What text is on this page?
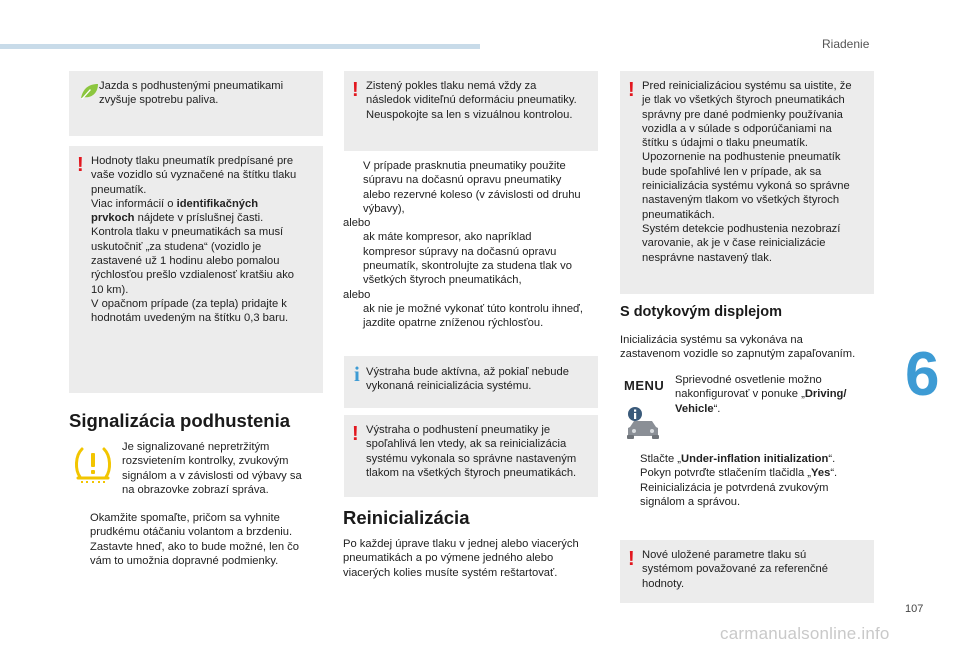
Riadenie
6
107
carmanualsonline.info
Jazda s podhustenými pneumatikami
zvyšuje spotrebu paliva.
! Hodnoty tlaku pneumatík predpísané pre
vaše vozidlo sú vyznačené na štítku tlaku
pneumatík.
Viac informácií o identifikačných
prvkoch nájdete v príslušnej časti.
Kontrola tlaku v pneumatikách sa musí
uskutočniť „za studena“ (vozidlo je
zastavené už 1 hodinu alebo pomalou
rýchlosťou prešlo vzdialenosť kratšiu ako
10 km).
V opačnom prípade (za tepla) pridajte k
hodnotám uvedeným na štítku 0,3 baru.
Signalizácia podhustenia
Je signalizované nepretržitým
rozsvietením kontrolky, zvukovým
signálom a v závislosti od výbavy sa
na obrazovke zobrazí správa.
Okamžite spomaľte, pričom sa vyhnite
prudkému otáčaniu volantom a brzdeniu.
Zastavte hneď, ako to bude možné, len čo
vám to umožnia dopravné podmienky.
! Zistený pokles tlaku nemá vždy za
následok viditeľnú deformáciu pneumatiky.
Neuspokojte sa len s vizuálnou kontrolou.
V prípade prasknutia pneumatiky použite
súpravu na dočasnú opravu pneumatiky
alebo rezervné koleso (v závislosti od druhu
výbavy),
alebo
ak máte kompresor, ako napríklad
kompresor súpravy na dočasnú opravu
pneumatík, skontrolujte za studena tlak vo
všetkých štyroch pneumatikách,
alebo
ak nie je možné vykonať túto kontrolu ihneď,
jazdite opatrne zníženou rýchlosťou.
i Výstraha bude aktívna, až pokiaľ nebude
vykonaná reinicializácia systému.
! Výstraha o podhustení pneumatiky je
spoľahlivá len vtedy, ak sa reinicializácia
systému vykonala so správne nastaveným
tlakom na všetkých štyroch pneumatikách.
Reinicializácia
Po každej úprave tlaku v jednej alebo viacerých
pneumatikách a po výmene jedného alebo
viacerých kolies musíte systém reštartovať.
! Pred reinicializáciou systému sa uistite, že
je tlak vo všetkých štyroch pneumatikách
správny pre dané podmienky používania
vozidla a v súlade s odporúčaniami na
štítku s údajmi o tlaku pneumatík.
Upozornenie na podhustenie pneumatík
bude spoľahlivé len v prípade, ak sa
reinicializácia systému vykoná so správne
nastaveným tlakom vo všetkých štyroch
pneumatikách.
Systém detekcie podhustenia nezobrazí
varovanie, ak je v čase reinicializácie
nesprávne nastavený tlak.
S dotykovým displejom
Inicializácia systému sa vykonáva na
zastavenom vozidle so zapnutým zapaľovaním.
MENU Sprievodné osvetlenie možno
nakonfigurovať v ponuke „Driving/
Vehicle“.
Stlačte „Under-inflation initialization“.
Pokyn potvrďte stlačením tlačidla „Yes“.
Reinicializácia je potvrdená zvukovým
signálom a správou.
! Nové uložené parametre tlaku sú
systémom považované za referenčné
hodnoty.
